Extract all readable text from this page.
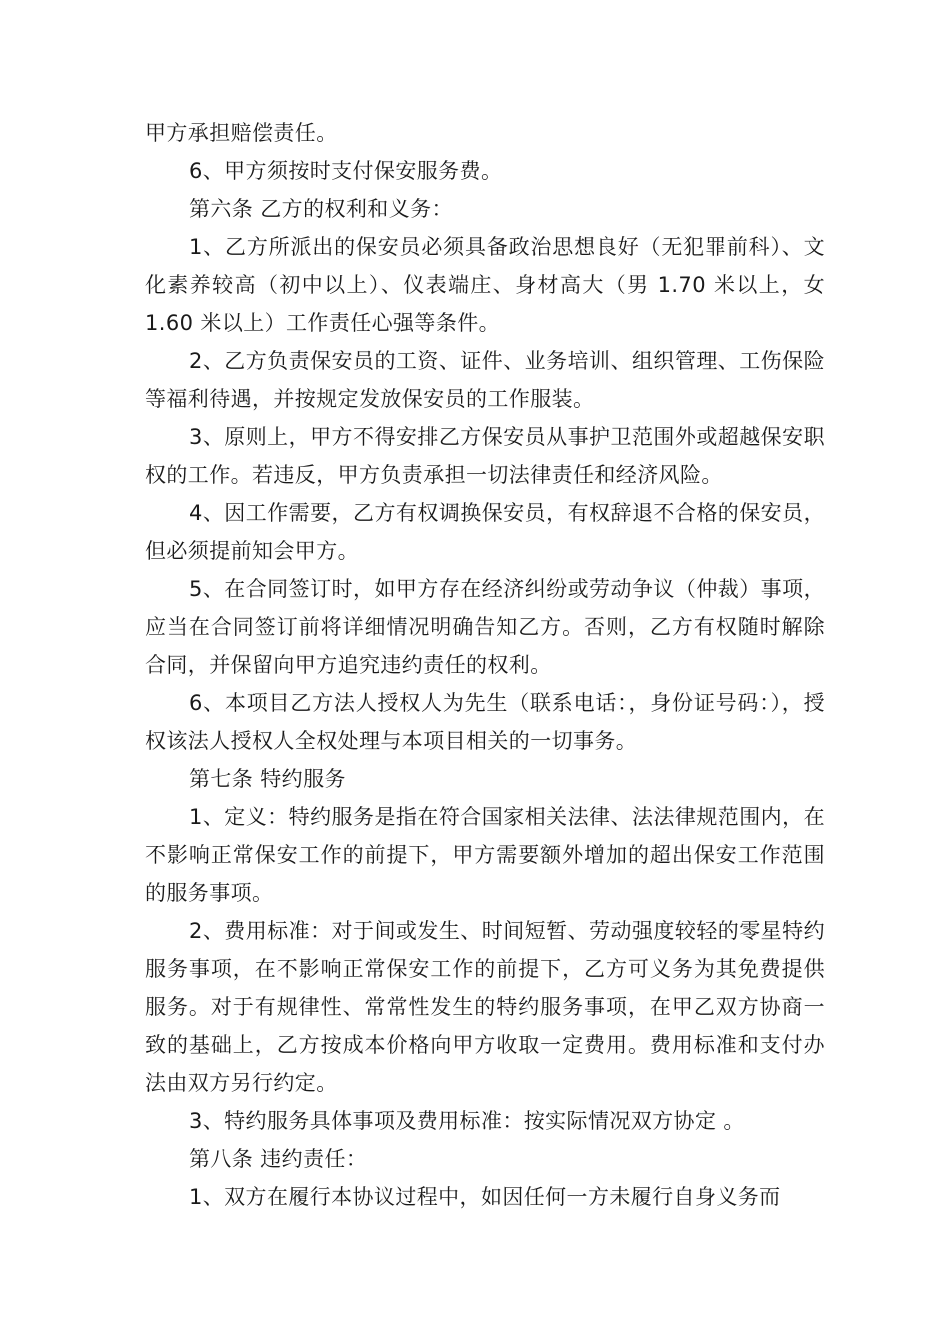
甲方承担赔偿责任。

6、甲方须按时支付保安服务费。

第六条 乙方的权利和义务：

1、乙方所派出的保安员必须具备政治思想良好（无犯罪前科）、文化素养较高（初中以上）、仪表端庄、身材高大（男 1.70 米以上，女 1.60 米以上）工作责任心强等条件。

2、乙方负责保安员的工资、证件、业务培训、组织管理、工伤保险等福利待遇，并按规定发放保安员的工作服装。

3、原则上，甲方不得安排乙方保安员从事护卫范围外或超越保安职权的工作。若违反，甲方负责承担一切法律责任和经济风险。

4、因工作需要，乙方有权调换保安员，有权辞退不合格的保安员，但必须提前知会甲方。

5、在合同签订时，如甲方存在经济纠纷或劳动争议（仲裁）事项，应当在合同签订前将详细情况明确告知乙方。否则，乙方有权随时解除合同，并保留向甲方追究违约责任的权利。

6、本项目乙方法人授权人为先生（联系电话：，身份证号码：），授权该法人授权人全权处理与本项目相关的一切事务。

第七条 特约服务

1、定义：特约服务是指在符合国家相关法律、法法律规范围内，在不影响正常保安工作的前提下，甲方需要额外增加的超出保安工作范围的服务事项。

2、费用标准：对于间或发生、时间短暂、劳动强度较轻的零星特约服务事项，在不影响正常保安工作的前提下，乙方可义务为其免费提供服务。对于有规律性、常常性发生的特约服务事项，在甲乙双方协商一致的基础上，乙方按成本价格向甲方收取一定费用。费用标准和支付办法由双方另行约定。

3、特约服务具体事项及费用标准：按实际情况双方协定 。

第八条 违约责任：

1、双方在履行本协议过程中，如因任何一方未履行自身义务而
